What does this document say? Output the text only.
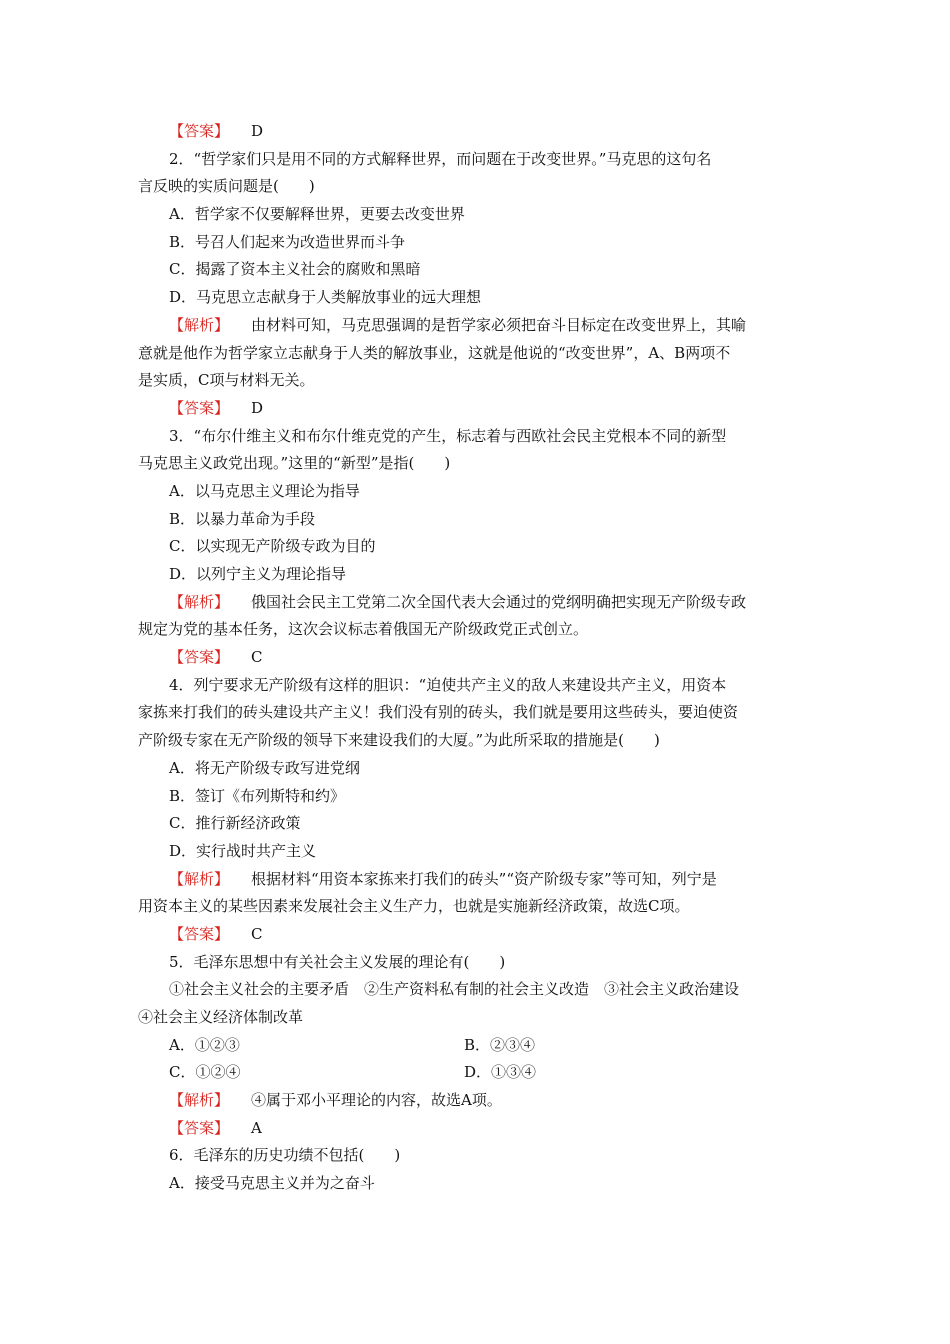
【答案】 D
2．“哲学家们只是用不同的方式解释世界，而问题在于改变世界。”马克思的这句名
言反映的实质问题是(　　)
A．哲学家不仅要解释世界，更要去改变世界
B．号召人们起来为改造世界而斗争
C．揭露了资本主义社会的腐败和黑暗
D．马克思立志献身于人类解放事业的远大理想
【解析】 由材料可知，马克思强调的是哲学家必须把奋斗目标定在改变世界上，其喻
意就是他作为哲学家立志献身于人类的解放事业，这就是他说的“改变世界”，A、B两项不
是实质，C项与材料无关。
【答案】 D
3．“布尔什维主义和布尔什维克党的产生，标志着与西欧社会民主党根本不同的新型
马克思主义政党出现。”这里的“新型”是指(　　)
A．以马克思主义理论为指导
B．以暴力革命为手段
C．以实现无产阶级专政为目的
D．以列宁主义为理论指导
【解析】 俄国社会民主工党第二次全国代表大会通过的党纲明确把实现无产阶级专政
规定为党的基本任务，这次会议标志着俄国无产阶级政党正式创立。
【答案】 C
4．列宁要求无产阶级有这样的胆识：“迫使共产主义的敌人来建设共产主义，用资本
家拣来打我们的砖头建设共产主义！我们没有别的砖头，我们就是要用这些砖头，要迫使资
产阶级专家在无产阶级的领导下来建设我们的大厦。”为此所采取的措施是(　　)
A．将无产阶级专政写进党纲
B．签订《布列斯特和约》
C．推行新经济政策
D．实行战时共产主义
【解析】 根据材料“用资本家拣来打我们的砖头”“资产阶级专家”等可知，列宁是
用资本主义的某些因素来发展社会主义生产力，也就是实施新经济政策，故选C项。
【答案】 C
5．毛泽东思想中有关社会主义发展的理论有(　　)
①社会主义社会的主要矛盾　②生产资料私有制的社会主义改造　③社会主义政治建设
④社会主义经济体制改革
A．①②③	B．②③④
C．①②④	D．①③④
【解析】 ④属于邓小平理论的内容，故选A项。
【答案】 A
6．毛泽东的历史功绩不包括(　　)
A．接受马克思主义并为之奋斗
